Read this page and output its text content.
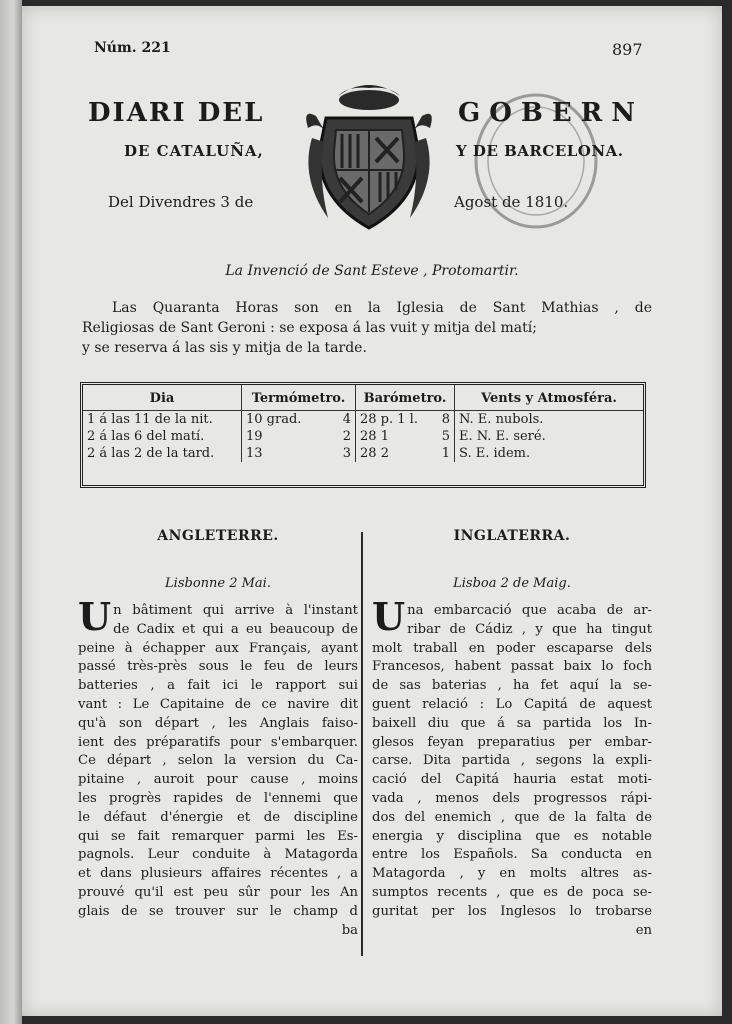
Núm. 221	897
DIARI DEL	GOBERN
DE CATALUÑA,	Y DE BARCELONA.
Del Divendres 3 de	Agost de 1810.
La Invenció de Sant Esteve , Protomartir.
Las Quaranta Horas son en la Iglesia de Sant Mathias , de
Religiosas de Sant Geroni : se exposa á las vuit y mitja del matí;
y se reserva á las sis y mitja de la tarde.
Dia	Termómetro.	Barómetro.	Vents y Atmosféra.
1 á las 11 de la nit.	10 grad. 4	28 p. 1 l. 8	N. E. nubols.
2 á las 6 del matí.	19 2	28 1 5	E. N. E. seré.
2 á las 2 de la tard.	13 3	28 2 1	S. E. idem.
ANGLETERRE.
Lisbonne 2 Mai.
U n bâtiment qui arrive à l'instant
de Cadix et qui a eu beaucoup de
peine à échapper aux Français, ayant
passé très-près sous le feu de leurs
batteries , a fait ici le rapport sui
vant : Le Capitaine de ce navire dit
qu'à son départ , les Anglais faiso-
ient des préparatifs pour s'embarquer.
Ce départ , selon la version du Ca-
pitaine , auroit pour cause , moins
les progrès rapides de l'ennemi que
le défaut d'énergie et de discipline
qui se fait remarquer parmi les Es-
pagnols. Leur conduite à Matagorda
et dans plusieurs affaires récentes , a
prouvé qu'il est peu sûr pour les An
glais de se trouver sur le champ d
ba
INGLATERRA.
Lisboa 2 de Maig.
U na embarcació que acaba de ar-
ribar de Cádiz , y que ha tingut
molt traball en poder escaparse dels
Francesos, habent passat baix lo foch
de sas baterias , ha fet aquí la se-
guent relació : Lo Capitá de aquest
baixell diu que á sa partida los In-
glesos feyan preparatius per embar-
carse. Dita partida , segons la expli-
cació del Capitá hauria estat moti-
vada , menos dels progressos rápi-
dos del enemich , que de la falta de
energia y disciplina que es notable
entre los Españols. Sa conducta en
Matagorda , y en molts altres as-
sumptos recents , que es de poca se-
guritat per los Inglesos lo trobarse
en
